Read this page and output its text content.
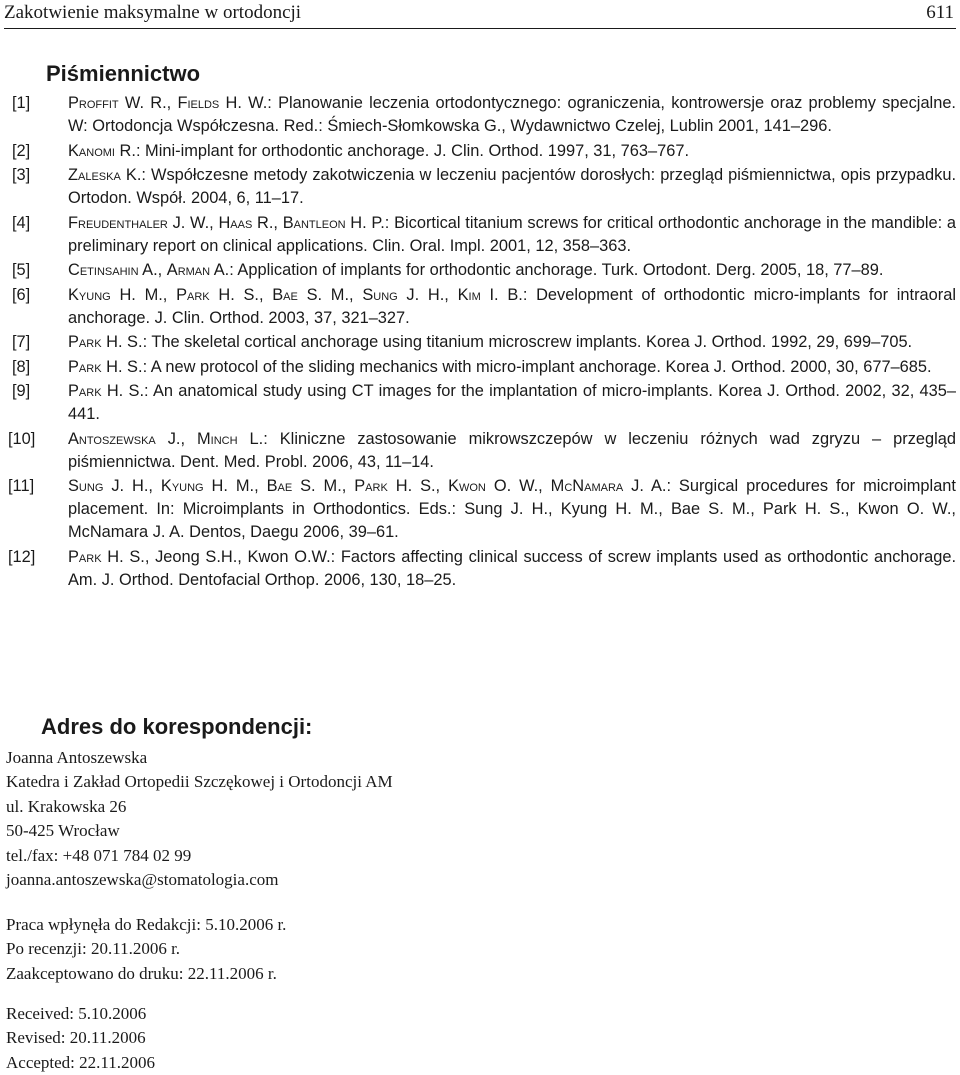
Zakotwienie maksymalne w ortodoncji	611
Piśmiennictwo
[1]	Proffit W. R., Fields H. W.: Planowanie leczenia ortodontycznego: ograniczenia, kontrowersje oraz problemy specjalne. W: Ortodoncja Współczesna. Red.: Śmiech-Słomkowska G., Wydawnictwo Czelej, Lublin 2001, 141–296.
[2]	Kanomi R.: Mini-implant for orthodontic anchorage. J. Clin. Orthod. 1997, 31, 763–767.
[3]	Zaleska K.: Współczesne metody zakotwiczenia w leczeniu pacjentów dorosłych: przegląd piśmiennictwa, opis przypadku. Ortodon. Współ. 2004, 6, 11–17.
[4]	Freudenthaler J. W., Haas R., Bantleon H. P.: Bicortical titanium screws for critical orthodontic anchorage in the mandible: a preliminary report on clinical applications. Clin. Oral. Impl. 2001, 12, 358–363.
[5]	Cetinsahin A., Arman A.: Application of implants for orthodontic anchorage. Turk. Ortodont. Derg. 2005, 18, 77–89.
[6]	Kyung H. M., Park H. S., Bae S. M., Sung J. H., Kim I. B.: Development of orthodontic micro-implants for intraoral anchorage. J. Clin. Orthod. 2003, 37, 321–327.
[7]	Park H. S.: The skeletal cortical anchorage using titanium microscrew implants. Korea J. Orthod. 1992, 29, 699–705.
[8]	Park H. S.: A new protocol of the sliding mechanics with micro-implant anchorage. Korea J. Orthod. 2000, 30, 677–685.
[9]	Park H. S.: An anatomical study using CT images for the implantation of micro-implants. Korea J. Orthod. 2002, 32, 435–441.
[10]	Antoszewska J., Minch L.: Kliniczne zastosowanie mikrowszczepów w leczeniu różnych wad zgryzu – przegląd piśmiennictwa. Dent. Med. Probl. 2006, 43, 11–14.
[11]	Sung J. H., Kyung H. M., Bae S. M., Park H. S., Kwon O. W., McNamara J. A.: Surgical procedures for microimplant placement. In: Microimplants in Orthodontics. Eds.: Sung J. H., Kyung H. M., Bae S. M., Park H. S., Kwon O. W., McNamara J. A. Dentos, Daegu 2006, 39–61.
[12]	Park H. S., Jeong S.H., Kwon O.W.: Factors affecting clinical success of screw implants used as orthodontic anchorage. Am. J. Orthod. Dentofacial Orthop. 2006, 130, 18–25.
Adres do korespondencji:
Joanna Antoszewska
Katedra i Zakład Ortopedii Szczękowej i Ortodoncji AM
ul. Krakowska 26
50-425 Wrocław
tel./fax: +48 071 784 02 99
joanna.antoszewska@stomatologia.com
Praca wpłynęła do Redakcji: 5.10.2006 r.
Po recenzji: 20.11.2006 r.
Zaakceptowano do druku: 22.11.2006 r.
Received: 5.10.2006
Revised: 20.11.2006
Accepted: 22.11.2006
